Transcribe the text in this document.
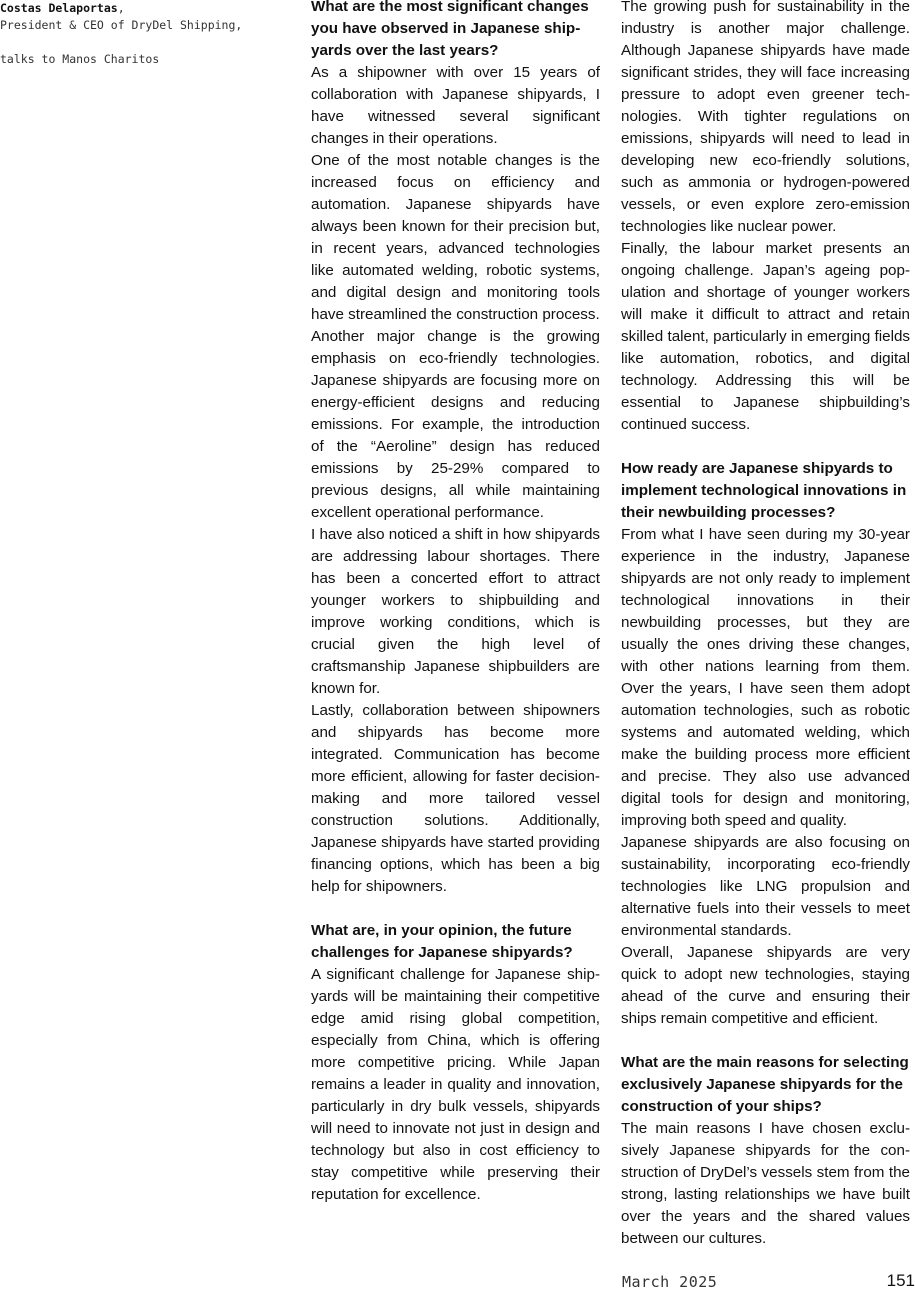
Costas Delaportas,
President & CEO of DryDel Shipping,
talks to Manos Charitos

What are the most significant changes you have observed in Japanese shipyards over the last years?

As a shipowner with over 15 years of collaboration with Japanese shipyards, I have witnessed several significant changes in their operations.

One of the most notable changes is the increased focus on efficiency and automation. Japanese shipyards have always been known for their precision but, in recent years, advanced technologies like automated welding, robotic systems, and digital design and monitoring tools have streamlined the construction process.

Another major change is the growing emphasis on eco-friendly technologies. Japanese shipyards are focusing more on energy-efficient designs and reducing emissions. For example, the introduction of the “Aeroline” design has reduced emissions by 25-29% compared to previous designs, all while maintaining excellent operational performance.

I have also noticed a shift in how shipyards are addressing labour shortages. There has been a concerted effort to attract younger workers to shipbuilding and improve working conditions, which is crucial given the high level of craftsmanship Japanese shipbuilders are known for.

Lastly, collaboration between shipowners and shipyards has become more integrated. Communication has become more efficient, allowing for faster decision-making and more tailored vessel construction solutions. Additionally, Japanese shipyards have started providing financing options, which has been a big help for shipowners.

What are, in your opinion, the future challenges for Japanese shipyards?

A significant challenge for Japanese shipyards will be maintaining their competitive edge amid rising global competition, especially from China, which is offering more competitive pricing. While Japan remains a leader in quality and innovation, particularly in dry bulk vessels, shipyards will need to innovate not just in design and technology but also in cost efficiency to stay competitive while preserving their reputation for excellence.

The growing push for sustainability in the industry is another major challenge. Although Japanese shipyards have made significant strides, they will face increasing pressure to adopt even greener technologies. With tighter regulations on emissions, shipyards will need to lead in developing new eco-friendly solutions, such as ammonia or hydrogen-powered vessels, or even explore zero-emission technologies like nuclear power.

Finally, the labour market presents an ongoing challenge. Japan’s ageing population and shortage of younger workers will make it difficult to attract and retain skilled talent, particularly in emerging fields like automation, robotics, and digital technology. Addressing this will be essential to Japanese shipbuilding’s continued success.

How ready are Japanese shipyards to implement technological innovations in their newbuilding processes?

From what I have seen during my 30-year experience in the industry, Japanese shipyards are not only ready to implement technological innovations in their newbuilding processes, but they are usually the ones driving these changes, with other nations learning from them. Over the years, I have seen them adopt automation technologies, such as robotic systems and automated welding, which make the building process more efficient and precise. They also use advanced digital tools for design and monitoring, improving both speed and quality.

Japanese shipyards are also focusing on sustainability, incorporating eco-friendly technologies like LNG propulsion and alternative fuels into their vessels to meet environmental standards.

Overall, Japanese shipyards are very quick to adopt new technologies, staying ahead of the curve and ensuring their ships remain competitive and efficient.

What are the main reasons for selecting exclusively Japanese shipyards for the construction of your ships?

The main reasons I have chosen exclusively Japanese shipyards for the construction of DryDel’s vessels stem from the strong, lasting relationships we have built over the years and the shared values between our cultures.

March 2025	151
